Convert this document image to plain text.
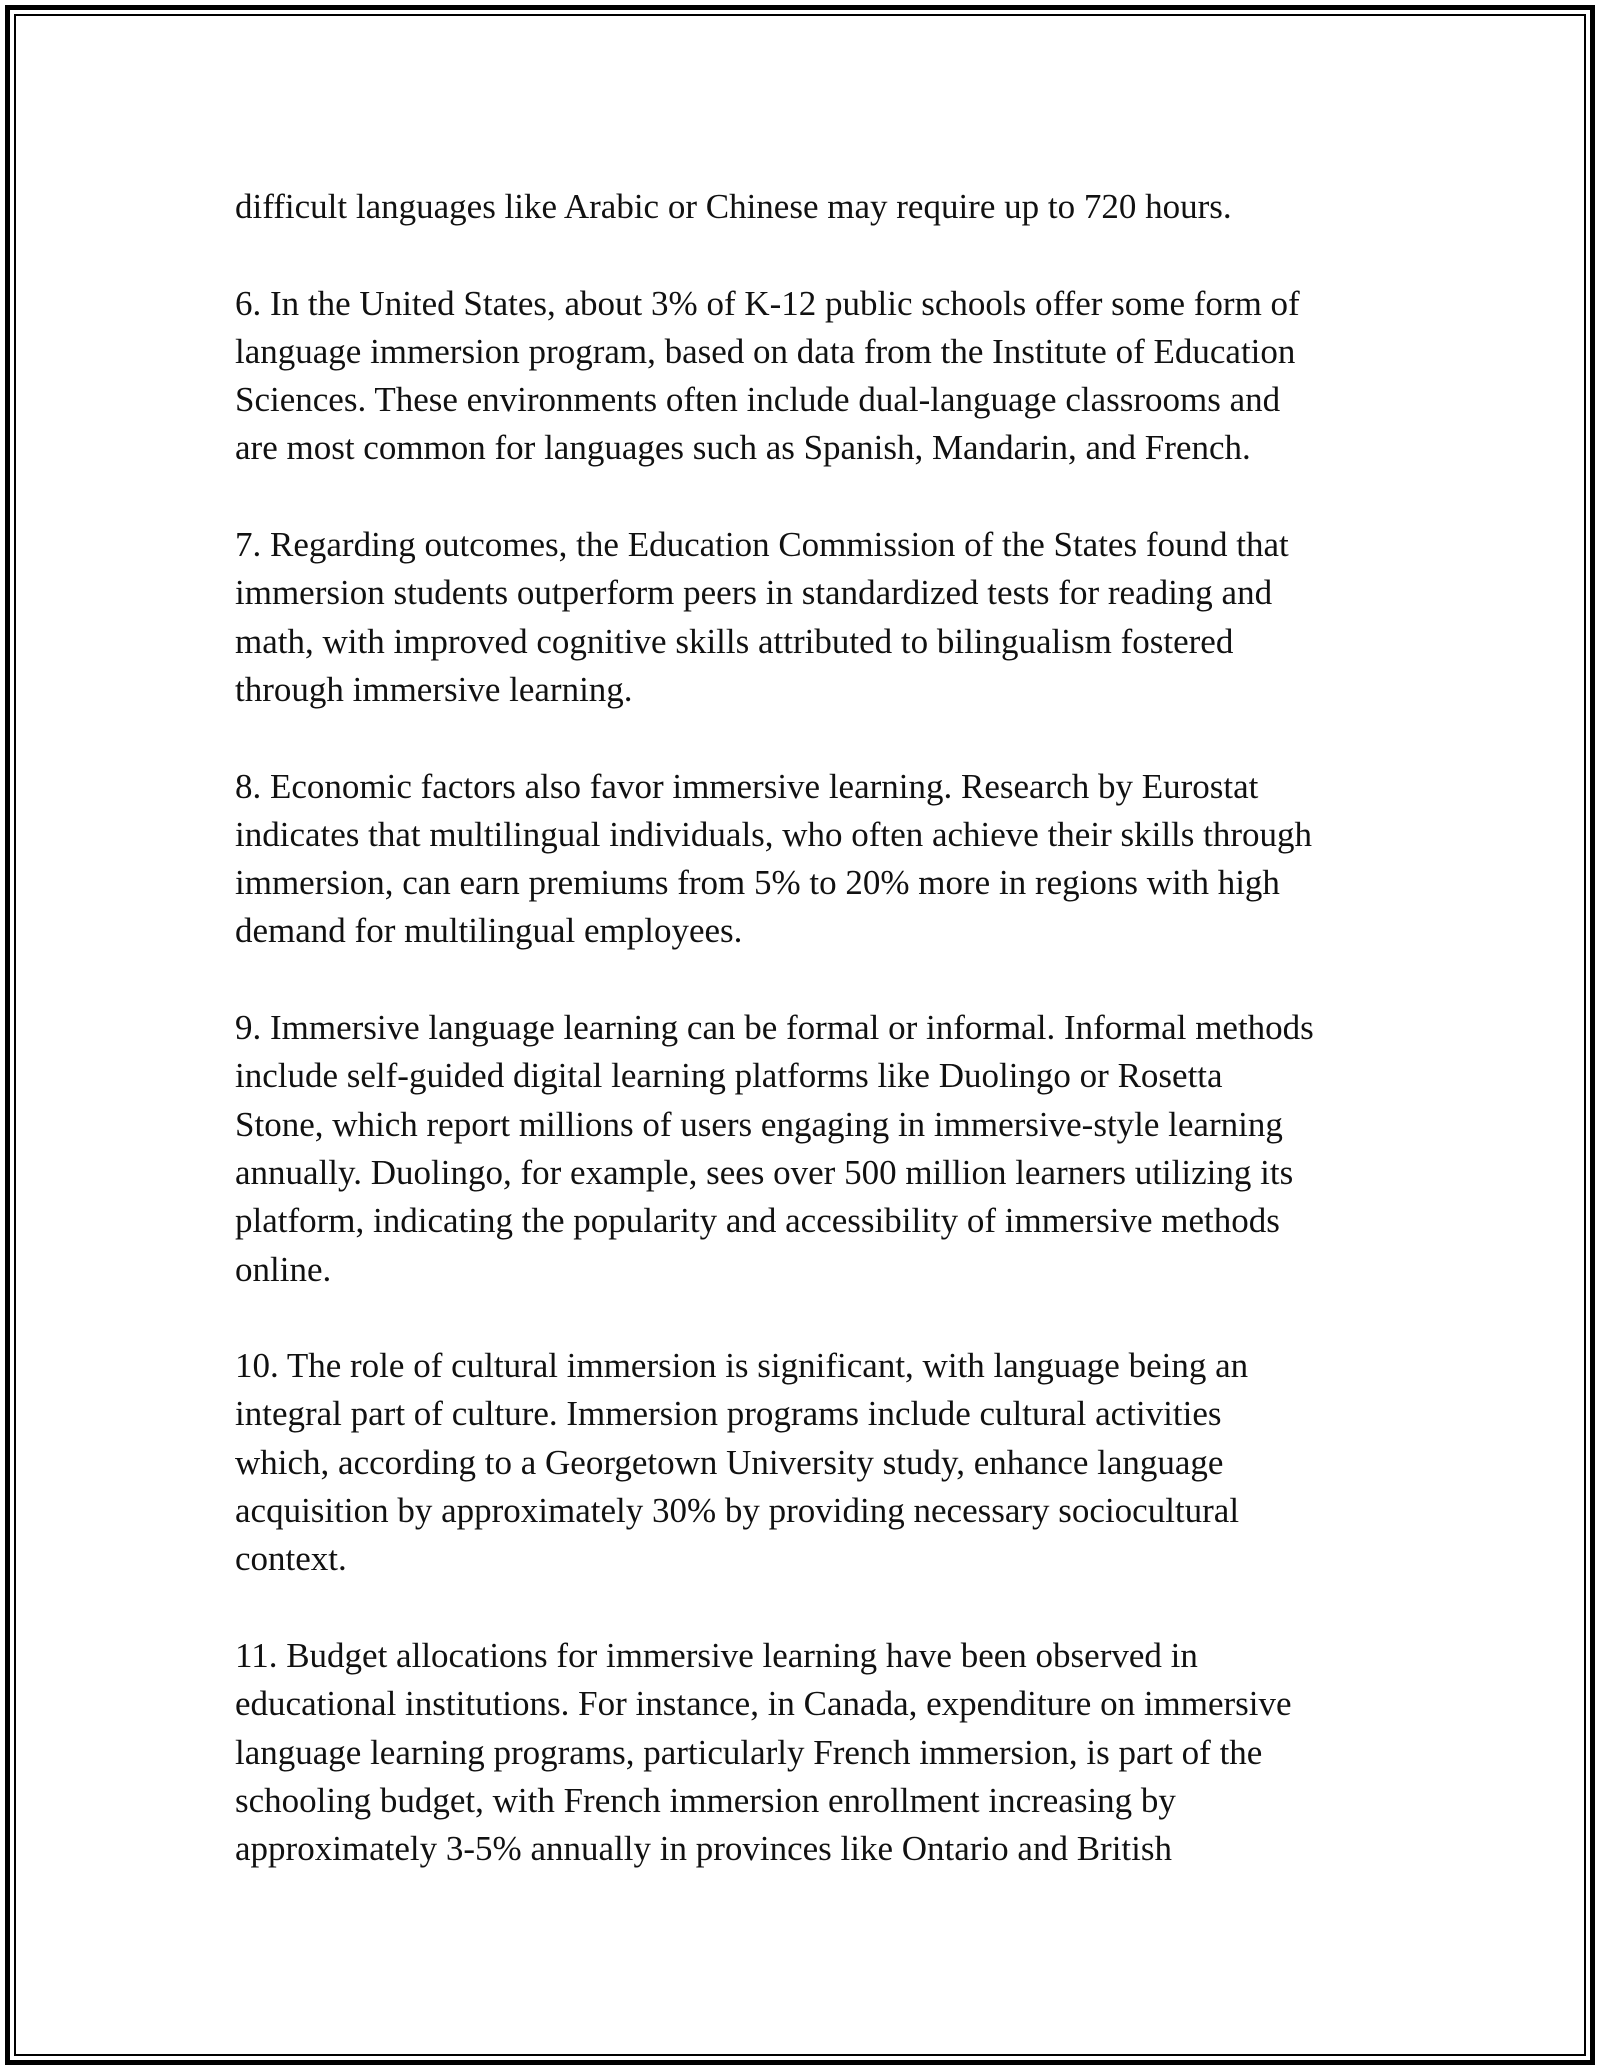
difficult languages like Arabic or Chinese may require up to 720 hours.

6. In the United States, about 3% of K-12 public schools offer some form of
language immersion program, based on data from the Institute of Education
Sciences. These environments often include dual-language classrooms and
are most common for languages such as Spanish, Mandarin, and French.

7. Regarding outcomes, the Education Commission of the States found that
immersion students outperform peers in standardized tests for reading and
math, with improved cognitive skills attributed to bilingualism fostered
through immersive learning.

8. Economic factors also favor immersive learning. Research by Eurostat
indicates that multilingual individuals, who often achieve their skills through
immersion, can earn premiums from 5% to 20% more in regions with high
demand for multilingual employees.

9. Immersive language learning can be formal or informal. Informal methods
include self-guided digital learning platforms like Duolingo or Rosetta
Stone, which report millions of users engaging in immersive-style learning
annually. Duolingo, for example, sees over 500 million learners utilizing its
platform, indicating the popularity and accessibility of immersive methods
online.

10. The role of cultural immersion is significant, with language being an
integral part of culture. Immersion programs include cultural activities
which, according to a Georgetown University study, enhance language
acquisition by approximately 30% by providing necessary sociocultural
context.

11. Budget allocations for immersive learning have been observed in
educational institutions. For instance, in Canada, expenditure on immersive
language learning programs, particularly French immersion, is part of the
schooling budget, with French immersion enrollment increasing by
approximately 3-5% annually in provinces like Ontario and British
